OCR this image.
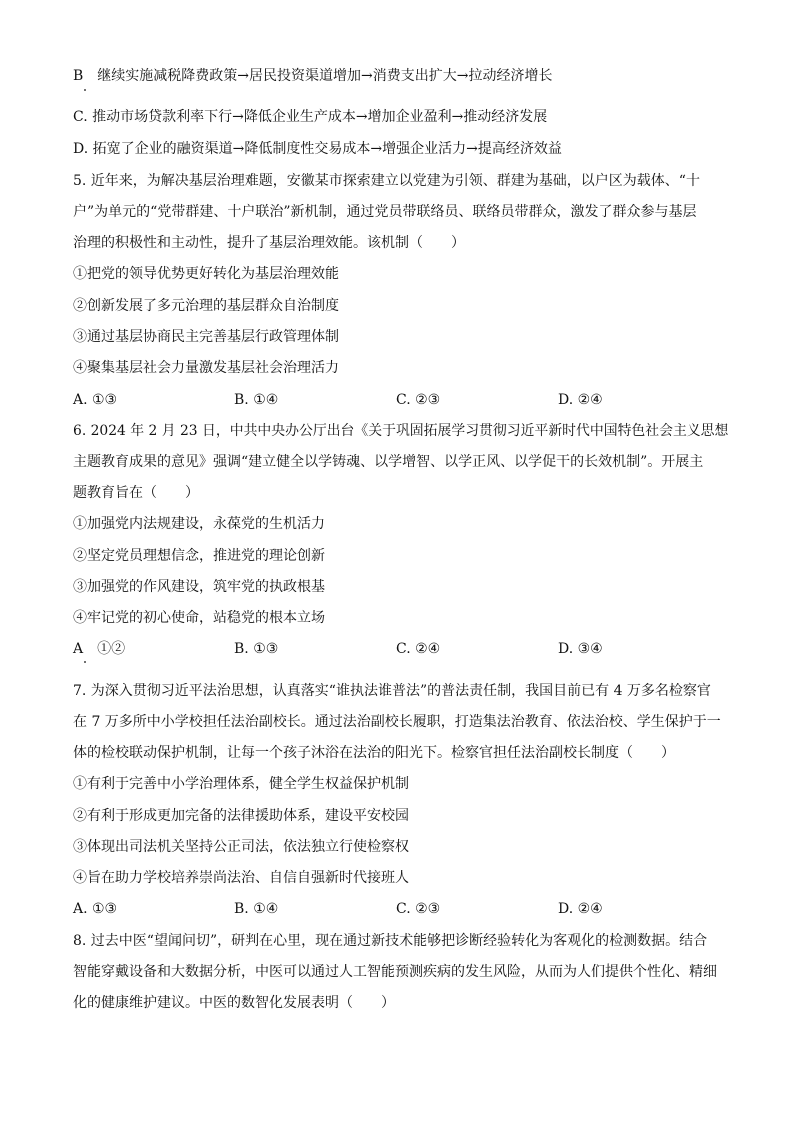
B　继续实施减税降费政策→居民投资渠道增加→消费支出扩大→拉动经济增长
C. 推动市场贷款利率下行→降低企业生产成本→增加企业盈利→推动经济发展
D. 拓宽了企业的融资渠道→降低制度性交易成本→增强企业活力→提高经济效益
5. 近年来，为解决基层治理难题，安徽某市探索建立以党建为引领、群建为基础，以户区为载体、“十
户”为单元的“党带群建、十户联治”新机制，通过党员带联络员、联络员带群众，激发了群众参与基层
治理的积极性和主动性，提升了基层治理效能。该机制（　　）
①把党的领导优势更好转化为基层治理效能
②创新发展了多元治理的基层群众自治制度
③通过基层协商民主完善基层行政管理体制
④聚集基层社会力量激发基层社会治理活力
A. ①③	B. ①④	C. ②③	D. ②④
6. 2024 年 2 月 23 日，中共中央办公厅出台《关于巩固拓展学习贯彻习近平新时代中国特色社会主义思想
主题教育成果的意见》强调“建立健全以学铸魂、以学增智、以学正风、以学促干的长效机制”。开展主
题教育旨在（　　）
①加强党内法规建设，永葆党的生机活力
②坚定党员理想信念，推进党的理论创新
③加强党的作风建设，筑牢党的执政根基
④牢记党的初心使命，站稳党的根本立场
A　①②	B. ①③	C. ②④	D. ③④
7. 为深入贯彻习近平法治思想，认真落实“谁执法谁普法”的普法责任制，我国目前已有 4 万多名检察官
在 7 万多所中小学校担任法治副校长。通过法治副校长履职，打造集法治教育、依法治校、学生保护于一
体的检校联动保护机制，让每一个孩子沐浴在法治的阳光下。检察官担任法治副校长制度（　　）
①有利于完善中小学治理体系，健全学生权益保护机制
②有利于形成更加完备的法律援助体系，建设平安校园
③体现出司法机关坚持公正司法，依法独立行使检察权
④旨在助力学校培养崇尚法治、自信自强新时代接班人
A. ①③	B. ①④	C. ②③	D. ②④
8. 过去中医“望闻问切”，研判在心里，现在通过新技术能够把诊断经验转化为客观化的检测数据。结合
智能穿戴设备和大数据分析，中医可以通过人工智能预测疾病的发生风险，从而为人们提供个性化、精细
化的健康维护建议。中医的数智化发展表明（　　）
